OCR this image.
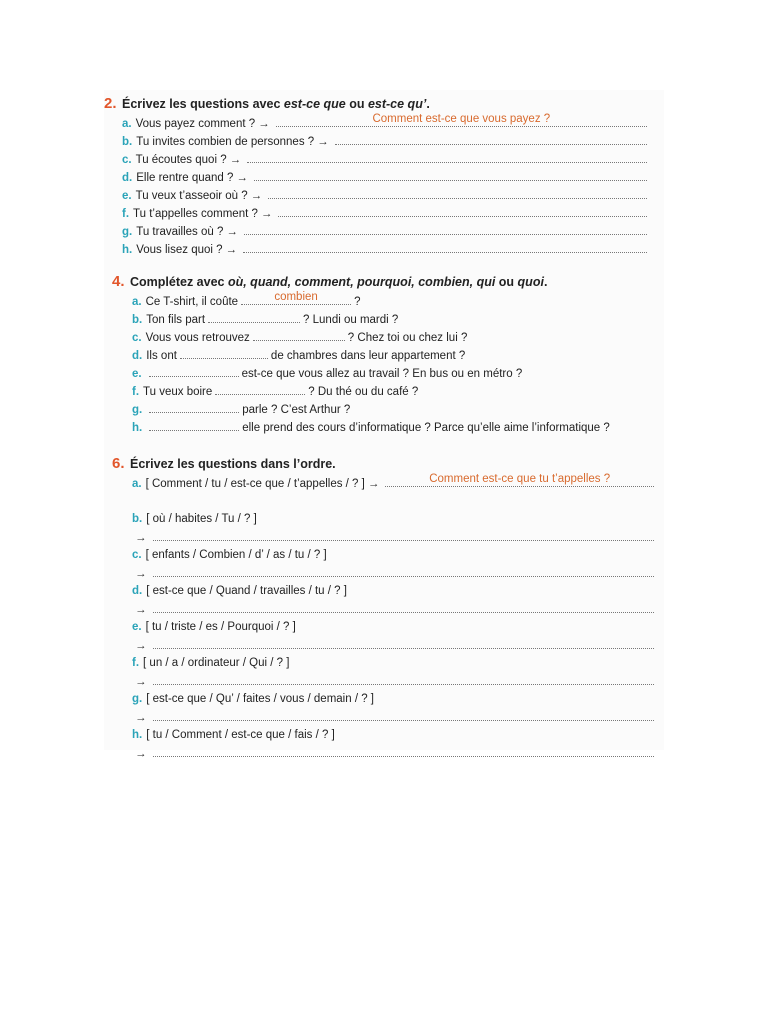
2. Écrivez les questions avec est-ce que ou est-ce qu’.
a. Vous payez comment ? →	Comment est-ce que vous payez ?
b. Tu invites combien de personnes ? →
c. Tu écoutes quoi ? →
d. Elle rentre quand ? →
e. Tu veux t’asseoir où ? →
f. Tu t’appelles comment ? →
g. Tu travailles où ? →
h. Vous lisez quoi ? →
4. Complétez avec où, quand, comment, pourquoi, combien, qui ou quoi.
a. Ce T-shirt, il coûte	combien	?
b. Ton fils part	? Lundi ou mardi ?
c. Vous vous retrouvez	? Chez toi ou chez lui ?
d. Ils ont	de chambres dans leur appartement ?
e.	est-ce que vous allez au travail ? En bus ou en métro ?
f. Tu veux boire	? Du thé ou du café ?
g.	parle ? C’est Arthur ?
h.	elle prend des cours d’informatique ? Parce qu’elle aime l’informatique ?
6. Écrivez les questions dans l’ordre.
a. [ Comment / tu / est-ce que / t’appelles / ? ] →	Comment est-ce que tu t’appelles ?
b. [ où / habites / Tu / ? ]
→
c. [ enfants / Combien / d’ / as / tu / ? ]
→
d. [ est-ce que / Quand / travailles / tu / ? ]
→
e. [ tu / triste / es / Pourquoi / ? ]
→
f. [ un / a / ordinateur / Qui / ? ]
→
g. [ est-ce que / Qu’ / faites / vous / demain / ? ]
→
h. [ tu / Comment / est-ce que / fais / ? ]
→
